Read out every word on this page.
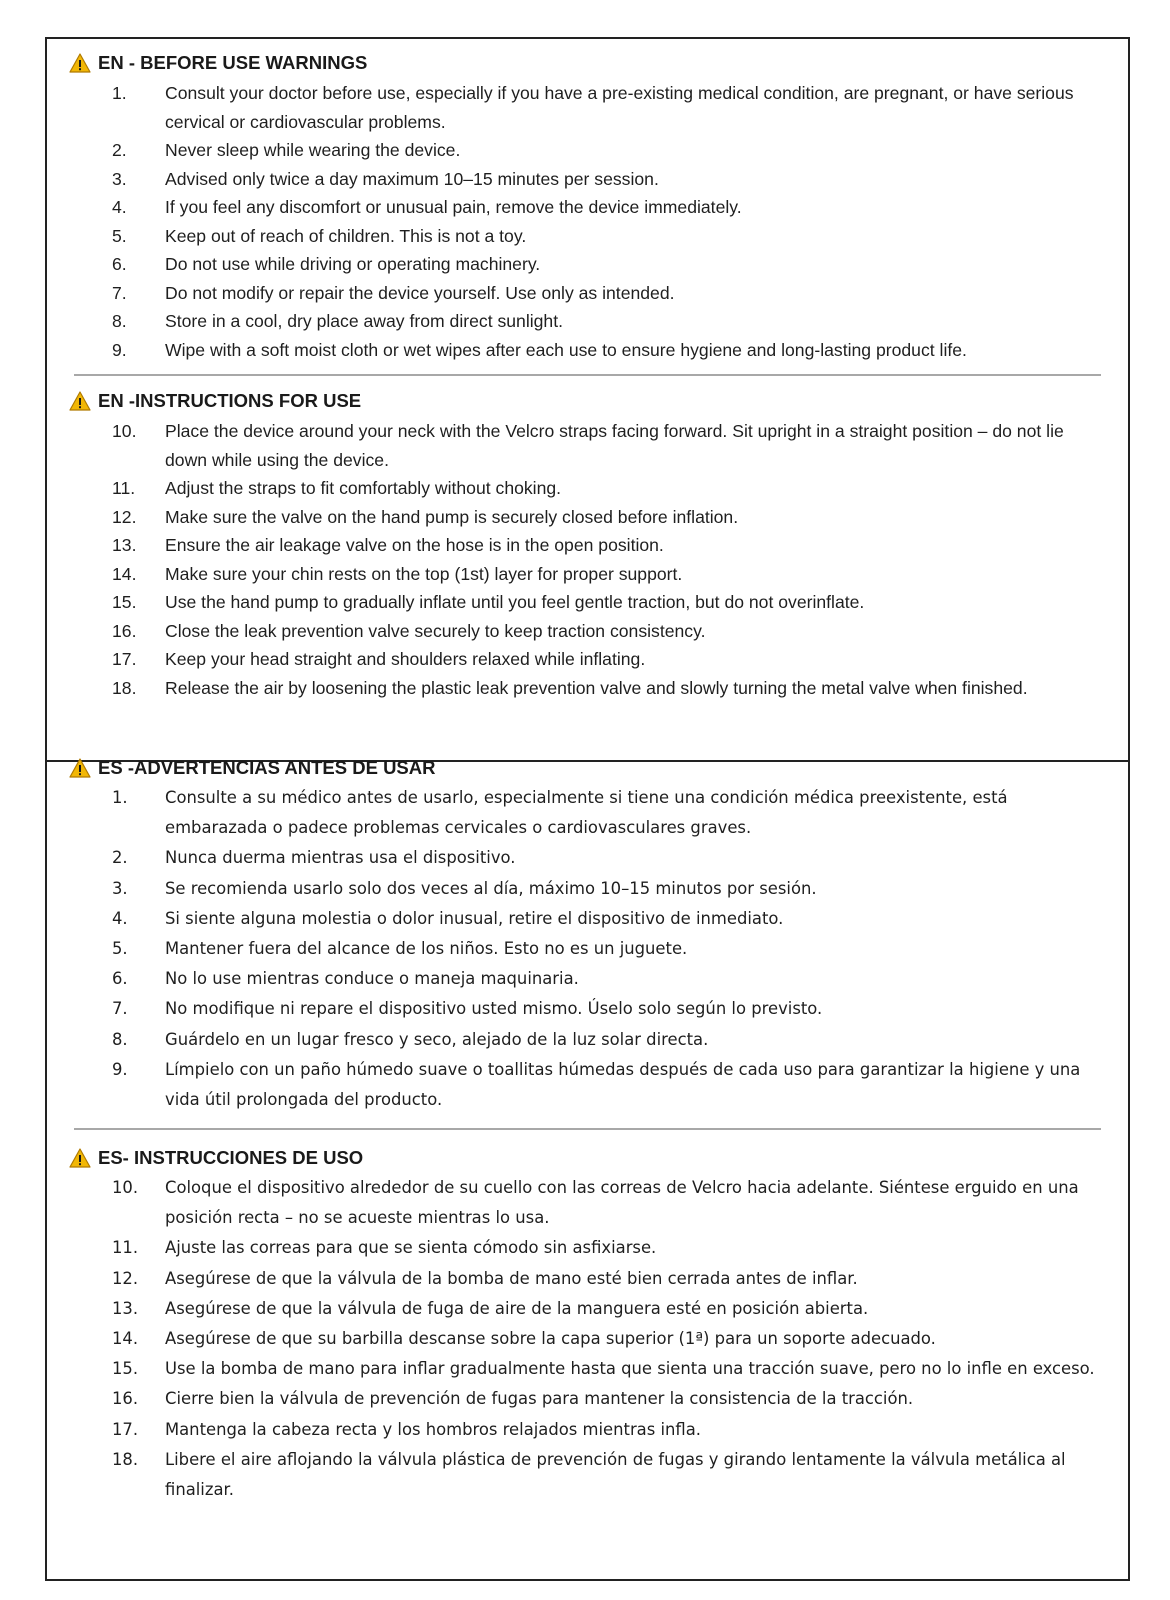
EN - BEFORE USE WARNINGS
1. Consult your doctor before use, especially if you have a pre-existing medical condition, are pregnant, or have serious cervical or cardiovascular problems.
2. Never sleep while wearing the device.
3. Advised only twice a day maximum 10–15 minutes per session.
4. If you feel any discomfort or unusual pain, remove the device immediately.
5. Keep out of reach of children. This is not a toy.
6. Do not use while driving or operating machinery.
7. Do not modify or repair the device yourself. Use only as intended.
8. Store in a cool, dry place away from direct sunlight.
9. Wipe with a soft moist cloth or wet wipes after each use to ensure hygiene and long-lasting product life.
EN -INSTRUCTIONS FOR USE
10. Place the device around your neck with the Velcro straps facing forward. Sit upright in a straight position – do not lie down while using the device.
11. Adjust the straps to fit comfortably without choking.
12. Make sure the valve on the hand pump is securely closed before inflation.
13. Ensure the air leakage valve on the hose is in the open position.
14. Make sure your chin rests on the top (1st) layer for proper support.
15. Use the hand pump to gradually inflate until you feel gentle traction, but do not overinflate.
16. Close the leak prevention valve securely to keep traction consistency.
17. Keep your head straight and shoulders relaxed while inflating.
18. Release the air by loosening the plastic leak prevention valve and slowly turning the metal valve when finished.
ES -ADVERTENCIAS ANTES DE USAR
1. Consulte a su médico antes de usarlo, especialmente si tiene una condición médica preexistente, está embarazada o padece problemas cervicales o cardiovasculares graves.
2. Nunca duerma mientras usa el dispositivo.
3. Se recomienda usarlo solo dos veces al día, máximo 10–15 minutos por sesión.
4. Si siente alguna molestia o dolor inusual, retire el dispositivo de inmediato.
5. Mantener fuera del alcance de los niños. Esto no es un juguete.
6. No lo use mientras conduce o maneja maquinaria.
7. No modifique ni repare el dispositivo usted mismo. Úselo solo según lo previsto.
8. Guárdelo en un lugar fresco y seco, alejado de la luz solar directa.
9. Límpielo con un paño húmedo suave o toallitas húmedas después de cada uso para garantizar la higiene y una vida útil prolongada del producto.
ES- INSTRUCCIONES DE USO
10. Coloque el dispositivo alrededor de su cuello con las correas de Velcro hacia adelante. Siéntese erguido en una posición recta – no se acueste mientras lo usa.
11. Ajuste las correas para que se sienta cómodo sin asfixiarse.
12. Asegúrese de que la válvula de la bomba de mano esté bien cerrada antes de inflar.
13. Asegúrese de que la válvula de fuga de aire de la manguera esté en posición abierta.
14. Asegúrese de que su barbilla descanse sobre la capa superior (1ª) para un soporte adecuado.
15. Use la bomba de mano para inflar gradualmente hasta que sienta una tracción suave, pero no lo infle en exceso.
16. Cierre bien la válvula de prevención de fugas para mantener la consistencia de la tracción.
17. Mantenga la cabeza recta y los hombros relajados mientras infla.
18. Libere el aire aflojando la válvula plástica de prevención de fugas y girando lentamente la válvula metálica al finalizar.
